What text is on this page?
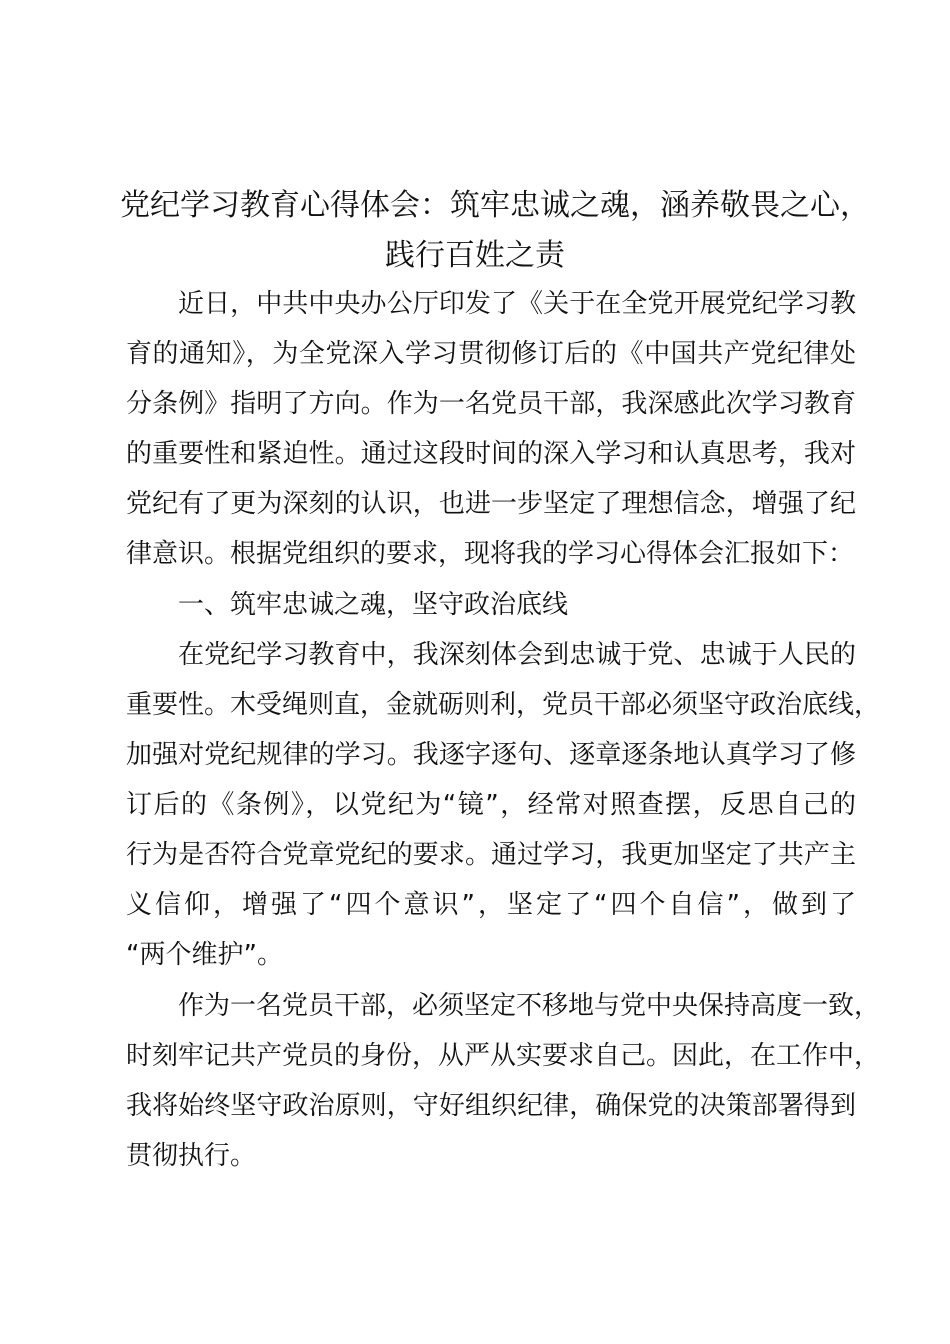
党纪学习教育心得体会：筑牢忠诚之魂，涵养敬畏之心，
践行百姓之责
近日，中共中央办公厅印发了《关于在全党开展党纪学习教
育的通知》，为全党深入学习贯彻修订后的《中国共产党纪律处
分条例》指明了方向。作为一名党员干部，我深感此次学习教育
的重要性和紧迫性。通过这段时间的深入学习和认真思考，我对
党纪有了更为深刻的认识，也进一步坚定了理想信念，增强了纪
律意识。根据党组织的要求，现将我的学习心得体会汇报如下：
一、筑牢忠诚之魂，坚守政治底线
在党纪学习教育中，我深刻体会到忠诚于党、忠诚于人民的
重要性。木受绳则直，金就砺则利，党员干部必须坚守政治底线，
加强对党纪规律的学习。我逐字逐句、逐章逐条地认真学习了修
订后的《条例》，以党纪为“镜”，经常对照查摆，反思自己的
行为是否符合党章党纪的要求。通过学习，我更加坚定了共产主
义信仰，增强了“四个意识”，坚定了“四个自信”，做到了
“两个维护”。
作为一名党员干部，必须坚定不移地与党中央保持高度一致，
时刻牢记共产党员的身份，从严从实要求自己。因此，在工作中，
我将始终坚守政治原则，守好组织纪律，确保党的决策部署得到
贯彻执行。
